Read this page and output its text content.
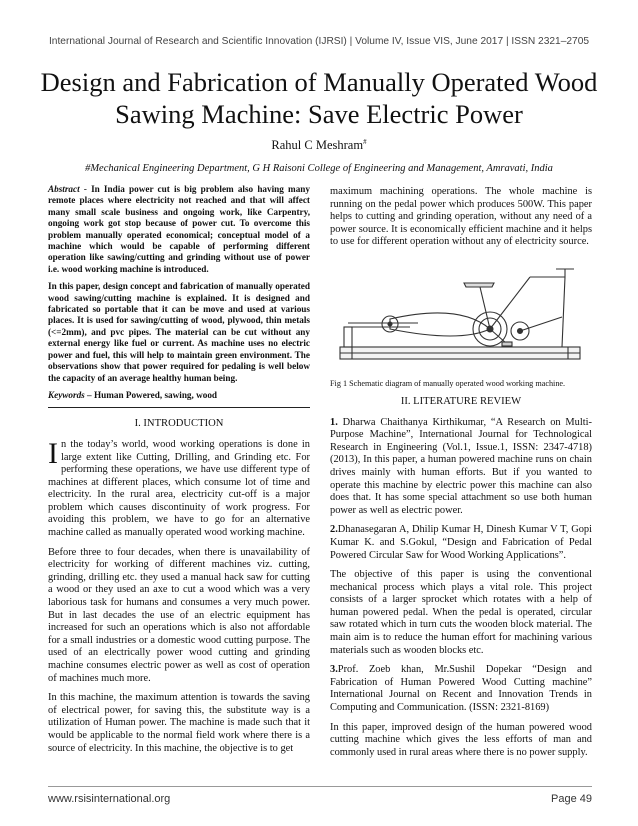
International Journal of Research and Scientific Innovation (IJRSI) | Volume IV, Issue VIS, June 2017 | ISSN 2321–2705
Design and Fabrication of Manually Operated Wood Sawing Machine: Save Electric Power
Rahul C Meshram#
#Mechanical Engineering Department, G H Raisoni College of Engineering and Management, Amravati, India

Abstract - In India power cut is big problem also having many remote places where electricity not reached and that will affect many small scale business and ongoing work, like Carpentry, ongoing work got stop because of power cut. To overcome this problem manually operated economical; conceptual model of a machine which would be capable of performing different operation like sawing/cutting and grinding without use of power i.e. wood working machine is introduced.

In this paper, design concept and fabrication of manually operated wood sawing/cutting machine is explained. It is designed and fabricated so portable that it can be move and used at various places. It is used for sawing/cutting of wood, plywood, thin metals (<=2mm), and pvc pipes. The material can be cut without any external energy like fuel or current. As machine uses no electric power and fuel, this will help to maintain green environment. The observations show that power required for pedaling is well below the capacity of an average healthy human being.

Keywords – Human Powered, sawing, wood

I. INTRODUCTION

In the today’s world, wood working operations is done in large extent like Cutting, Drilling, and Grinding etc. For performing these operations, we have use different type of machines at different places, which consume lot of time and electricity. In the rural area, electricity cut-off is a major problem which causes discontinuity of work progress. For avoiding this problem, we have to go for an alternative machine called as manually operated wood working machine.

Before three to four decades, when there is unavailability of electricity for working of different machines viz. cutting, grinding, drilling etc. they used a manual hack saw for cutting a wood or they used an axe to cut a wood which was a very laborious task for humans and consumes a very much power. But in last decades the use of an electric equipment has increased for such an operations which is also not affordable for a small industries or a domestic wood cutting purpose. The used of an electrically power wood cutting and grinding machine consumes electric power as well as cost of operation of machines much more.

In this machine, the maximum attention is towards the saving of electrical power, for saving this, the substitute way is a utilization of Human power. The machine is made such that it would be applicable to the normal field work where there is a source of electricity. In this machine, the objective is to get

maximum machining operations. The whole machine is running on the pedal power which produces 500W. This paper helps to cutting and grinding operation, without any need of a power source. It is economically efficient machine and it helps to use for different operation without any of electricity source.

Fig 1 Schematic diagram of manually operated wood working machine.

II. LITERATURE REVIEW

1. Dharwa Chaithanya Kirthikumar, “A Research on Multi-Purpose Machine”, International Journal for Technological Research in Engineering (Vol.1, Issue.1, ISSN: 2347-4718) (2013), In this paper, a human powered machine runs on chain drives mainly with human efforts. But if you wanted to operate this machine by electric power this machine can also does that. It has some special attachment so use both human power as well as electric power.

2.Dhanasegaran A, Dhilip Kumar H, Dinesh Kumar V T, Gopi Kumar K. and S.Gokul, “Design and Fabrication of Pedal Powered Circular Saw for Wood Working Applications”.

The objective of this paper is using the conventional mechanical process which plays a vital role. This project consists of a larger sprocket which rotates with a help of human powered pedal. When the pedal is operated, circular saw rotated which in turn cuts the wooden block material. The main aim is to reduce the human effort for machining various materials such as wooden blocks etc.

3.Prof. Zoeb khan, Mr.Sushil Dopekar “Design and Fabrication of Human Powered Wood Cutting machine” International Journal on Recent and Innovation Trends in Computing and Communication. (ISSN: 2321-8169)

In this paper, improved design of the human powered wood cutting machine which gives the less efforts of man and commonly used in rural areas where there is no power supply.

www.rsisinternational.org	Page 49
